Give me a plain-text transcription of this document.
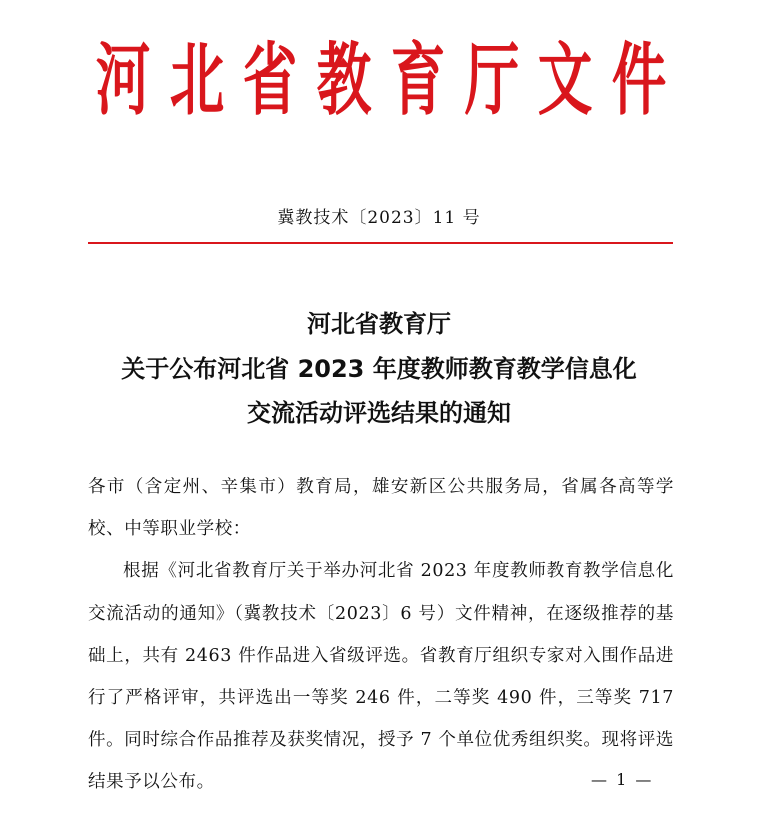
河 北 省 教 育 厅 文 件
冀教技术〔2023〕11 号
河北省教育厅
关于公布河北省 2023 年度教师教育教学信息化
交流活动评选结果的通知

各市（含定州、辛集市）教育局，雄安新区公共服务局，省属各高等学校、中等职业学校：

根据《河北省教育厅关于举办河北省 2023 年度教师教育教学信息化交流活动的通知》（冀教技术〔2023〕6 号）文件精神，在逐级推荐的基础上，共有 2463 件作品进入省级评选。省教育厅组织专家对入围作品进行了严格评审，共评选出一等奖 246 件，二等奖 490 件，三等奖 717 件。同时综合作品推荐及获奖情况，授予 7 个单位优秀组织奖。现将评选结果予以公布。	— 1 —
